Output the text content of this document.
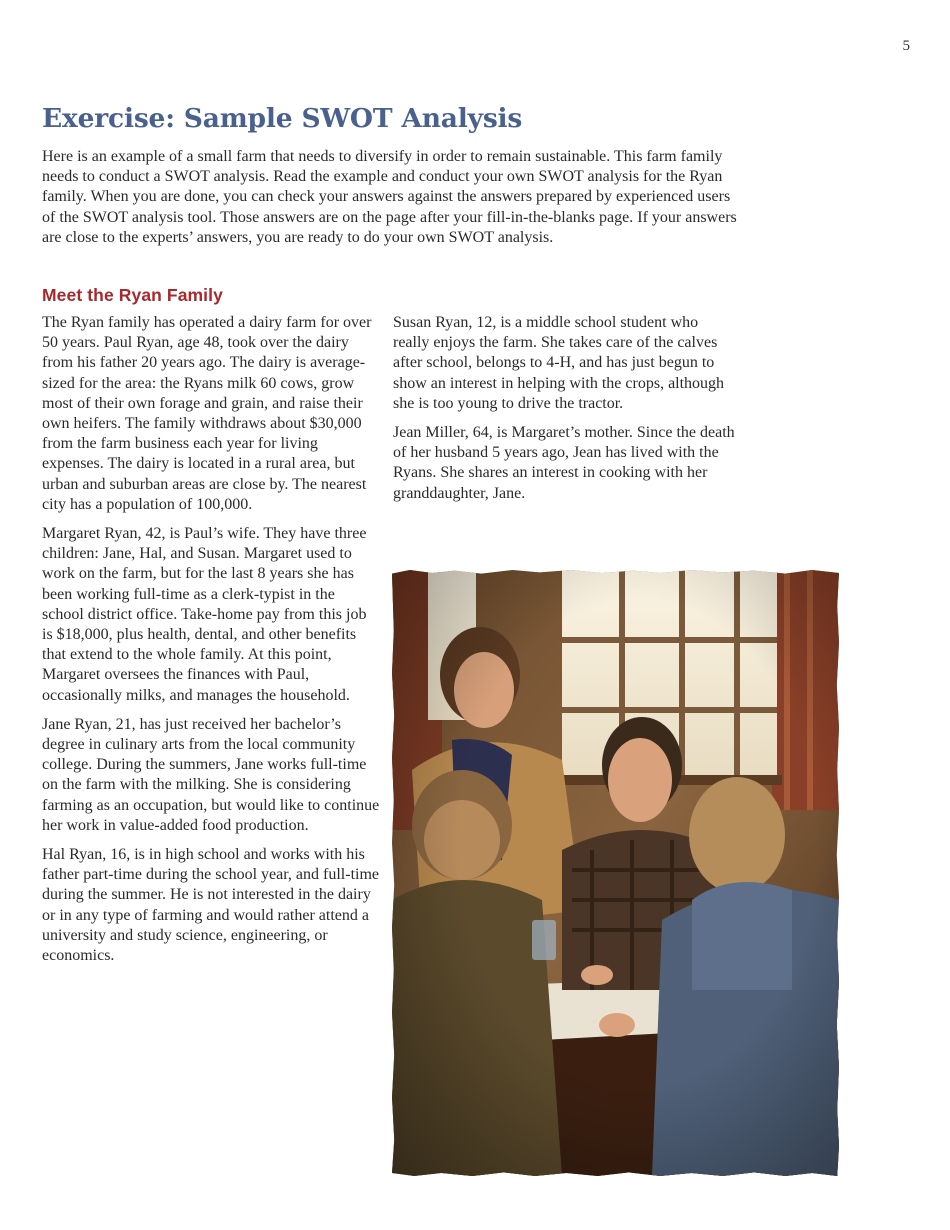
5
Exercise: Sample SWOT Analysis

Here is an example of a small farm that needs to diversify in order to remain sustainable. This farm family needs to conduct a SWOT analysis. Read the example and conduct your own SWOT analysis for the Ryan family. When you are done, you can check your answers against the answers prepared by experienced users of the SWOT analysis tool. Those answers are on the page after your fill-in-the-blanks page. If your answers are close to the experts’ answers, you are ready to do your own SWOT analysis.

Meet the Ryan Family

The Ryan family has operated a dairy farm for over 50 years. Paul Ryan, age 48, took over the dairy from his father 20 years ago. The dairy is average-sized for the area: the Ryans milk 60 cows, grow most of their own forage and grain, and raise their own heifers. The family withdraws about $30,000 from the farm business each year for living expenses. The dairy is located in a rural area, but urban and suburban areas are close by. The nearest city has a population of 100,000.

Margaret Ryan, 42, is Paul’s wife. They have three children: Jane, Hal, and Susan. Margaret used to work on the farm, but for the last 8 years she has been working full-time as a clerk-typist in the school district office. Take-home pay from this job is $18,000, plus health, dental, and other benefits that extend to the whole family. At this point, Margaret oversees the finances with Paul, occasionally milks, and manages the household.

Jane Ryan, 21, has just received her bachelor’s degree in culinary arts from the local community college. During the summers, Jane works full-time on the farm with the milking. She is considering farming as an occupation, but would like to continue her work in value-added food production.

Hal Ryan, 16, is in high school and works with his father part-time during the school year, and full-time during the summer. He is not interested in the dairy or in any type of farming and would rather attend a university and study science, engineering, or economics.

Susan Ryan, 12, is a middle school student who really enjoys the farm. She takes care of the calves after school, belongs to 4-H, and has just begun to show an interest in helping with the crops, although she is too young to drive the tractor.

Jean Miller, 64, is Margaret’s mother. Since the death of her husband 5 years ago, Jean has lived with the Ryans. She shares an interest in cooking with her granddaughter, Jane.
